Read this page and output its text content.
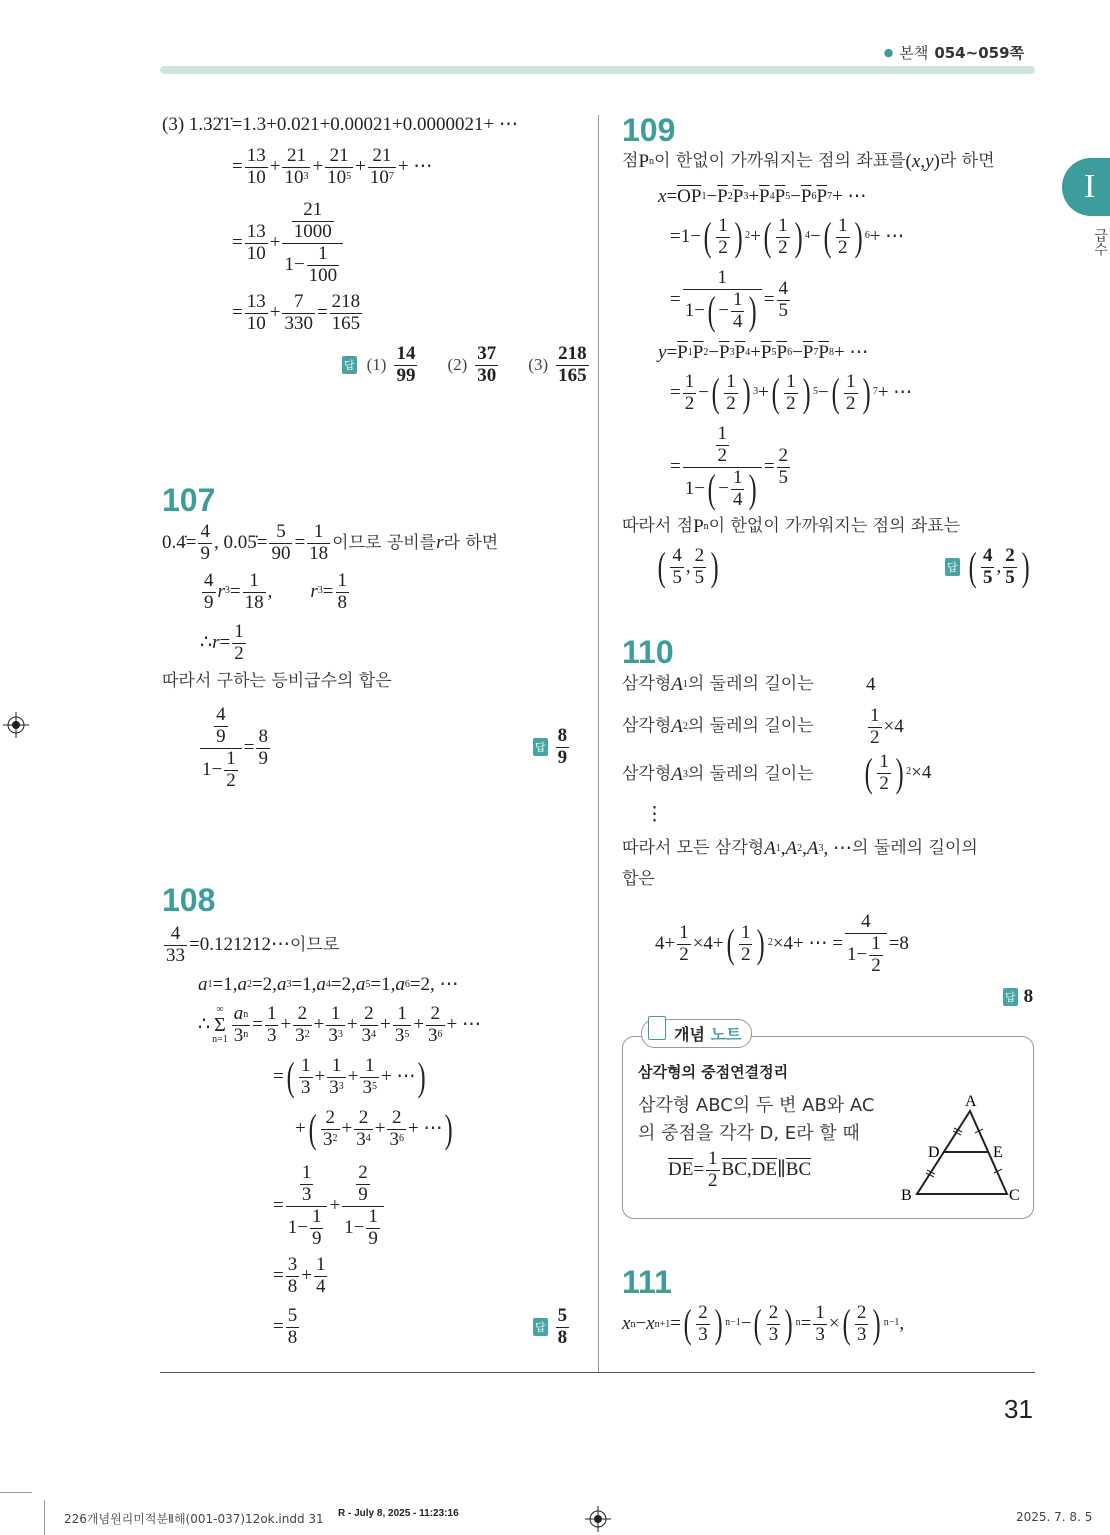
● 본책 054~059쪽
I
급수
(3) 1.32̇1̇=1.3+0.021+0.00021+0.0000021+ ⋯
= $\frac{13}{10} + \frac{21}{10^3} + \frac{21}{10^5} + \frac{21}{10^7}$ + ⋯
= $\frac{13}{10} + \frac{\frac{21}{1000}}{1- \frac{1}{100}}$
= $\frac{13}{10} + \frac{7}{330} = \frac{218}{165}$
답 $(1) \frac{14}{99} (2) \frac{37}{30} (3) \frac{218}{165}$
107
0.4̇= $\frac{4}{9}$ , 0.05̇= $\frac{5}{90} = \frac{1}{18}$ 이므로 공비를 r 라 하면
$\frac{4}{9} r^3 = \frac{1}{18}$ ,   $r^3 = \frac{1}{8}$
∴ $r = \frac{1}{2}$
따라서 구하는 등비급수의 합은
$\frac{\frac{4}{9}}{1- \frac{1}{2}} = \frac{8}{9}$	답 $\frac{8}{9}$
108
$\frac{4}{33}$ =0.121212⋯ 이므로
a 1 =1, a 2 =2, a 3 =1, a 4 =2, a 5 =1, a 6 =2, ⋯
∴
∞
Σ
$n=1 \frac{\text{a n}}{3^n} = \frac{1}{3} + \frac{2}{3^2} + \frac{1}{3^3} + \frac{2}{3^4} + \frac{1}{3^5} + \frac{2}{3^6}$ + ⋯
= ( $\frac{1}{3} + \frac{1}{3^3} + \frac{1}{3^5}$ + ⋯ )
+ ( $\frac{2}{3^2} + \frac{2}{3^4} + \frac{2}{3^6}$ + ⋯ )
= $\frac{\frac{1}{3}}{1- \frac{1}{9}} + \frac{\frac{2}{9}}{1- \frac{1}{9}}$
= $\frac{3}{8} + \frac{1}{4}$
= $\frac{5}{8}$	답 $\frac{5}{8}$
109
점 P n 이 한없이 가까워지는 점의 좌표를 ( x , y ) 라 하면
$x = \overline{OP}$ $1 - \overline{P}$ 2 $\overline{P}$ $3 + \overline{P}$ 4 $\overline{P}$ $5 - \overline{P}$ 6 $\overline{P}$ 7 + ⋯
=1− ( $\frac{1}{2}$ ) $^2$ + ( $\frac{1}{2}$ ) $^4$ − ( $\frac{1}{2}$ ) $^6$ + ⋯
= $\frac{1}{1- ( - \frac{1}{4} )} = \frac{4}{5}$
$y = \overline{P}$ 1 $\overline{P}$ $2 - \overline{P}$ 3 $\overline{P}$ $4 + \overline{P}$ 5 $\overline{P}$ $6 - \overline{P}$ 7 $\overline{P}$ 8 + ⋯
= $\frac{1}{2}$ − ( $\frac{1}{2}$ ) $^3$ + ( $\frac{1}{2}$ ) $^5$ − ( $\frac{1}{2}$ ) $^7$ + ⋯
= $\frac{\frac{1}{2}}{1- ( - \frac{1}{4} )} = \frac{2}{5}$
따라서 점 P n 이 한없이 가까워지는 점의 좌표는
( $\frac{4}{5}$ , $\frac{2}{5}$ )	답 ( $\frac{4}{5}$ , $\frac{2}{5}$ )
110
삼각형 A 1 의 둘레의 길이는	4
삼각형 A 2 의 둘레의 길이는	$\frac{1}{2} \times 4$
삼각형 A 3 의 둘레의 길이는 ( $\frac{1}{2}$ ) $^2$ ×4
⋮
따라서 모든 삼각형 A 1 , A 2 , A 3 , ⋯ 의 둘레의 길이의
합은
$4+ \frac{1}{2} \times 4+$ ( $\frac{1}{2}$ ) $^2$ ×4+ ⋯ = $\frac{4}{1- \frac{1}{2}} =8$
답 8
개념 노트
삼각형의 중점연결정리
삼각형 ABC의 두 변 AB와 AC
의 중점을 각각 D, E라 할 때
$\overline{DE} = \frac{1}{2} \overline{BC}$ , $\overline{DE}$ ∥ $\overline{BC}$
A
D	E
B	C
111
x n − x n+1 = ( $\frac{2}{3}$ ) $^{n-1}$ − ( $\frac{2}{3}$ ) $^n = \frac{1}{3}$ × ( $\frac{2}{3}$ ) $^{n-1}$ ,
31
226개념원리미적분Ⅱ해(001-037)12ok.indd 31 R - July 8, 2025 - 11:23:16	2025. 7. 8. 5
